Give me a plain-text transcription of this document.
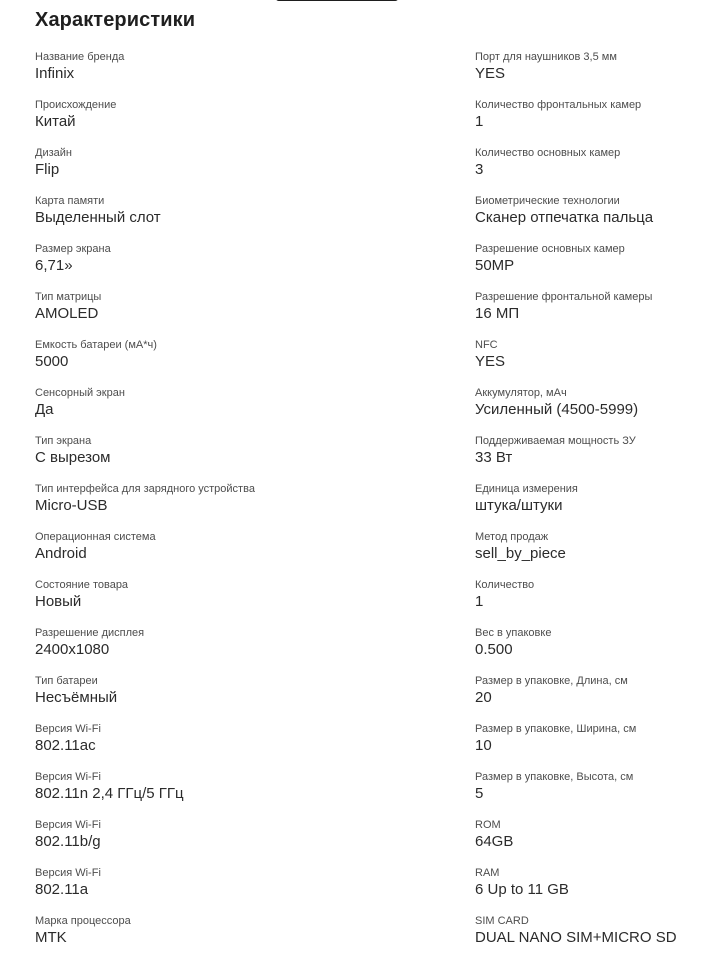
Характеристики
Название бренда
Infinix
Происхождение
Китай
Дизайн
Flip
Карта памяти
Выделенный слот
Размер экрана
6,71»
Тип матрицы
AMOLED
Емкость батареи (мА*ч)
5000
Сенсорный экран
Да
Тип экрана
С вырезом
Тип интерфейса для зарядного устройства
Micro-USB
Операционная система
Android
Состояние товара
Новый
Разрешение дисплея
2400x1080
Тип батареи
Несъёмный
Версия Wi-Fi
802.11ac
Версия Wi-Fi
802.11n 2,4 ГГц/5 ГГц
Версия Wi-Fi
802.11b/g
Версия Wi-Fi
802.11a
Марка процессора
MTK
Порт для наушников 3,5 мм
YES
Количество фронтальных камер
1
Количество основных камер
3
Биометрические технологии
Сканер отпечатка пальца
Разрешение основных камер
50MP
Разрешение фронтальной камеры
16 МП
NFC
YES
Аккумулятор, мАч
Усиленный (4500-5999)
Поддерживаемая мощность ЗУ
33 Вт
Единица измерения
штука/штуки
Метод продаж
sell_by_piece
Количество
1
Вес в упаковке
0.500
Размер в упаковке, Длина, см
20
Размер в упаковке, Ширина, см
10
Размер в упаковке, Высота, см
5
ROM
64GB
RAM
6 Up to 11 GB
SIM CARD
DUAL NANO SIM+MICRO SD
